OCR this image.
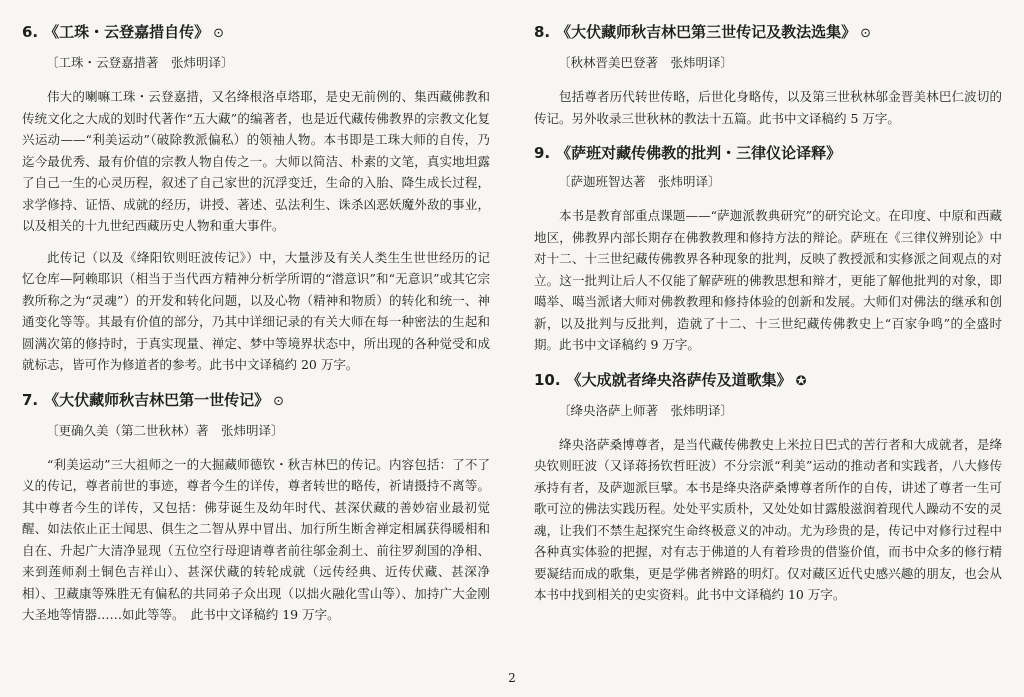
6. 《工珠・云登嘉措自传》 ⊙
〔工珠・云登嘉措著　张炜明译〕

伟大的喇嘛工珠・云登嘉措，又名绛根洛卓塔耶，是史无前例的、集西藏佛教和传统文化之大成的划时代著作“五大藏”的编著者，也是近代藏传佛教界的宗教文化复兴运动——“利美运动”（破除教派偏私）的领袖人物。本书即是工珠大师的自传，乃迄今最优秀、最有价值的宗教人物自传之一。大师以简洁、朴素的文笔，真实地坦露了自己一生的心灵历程，叙述了自己家世的沉浮变迁，生命的入胎、降生成长过程，求学修持、证悟、成就的经历，讲授、著述、弘法利生、诛杀凶恶妖魔外敌的事业，以及相关的十九世纪西藏历史人物和重大事件。

此传记（以及《绛阳钦则旺波传记》）中，大量涉及有关人类生生世世经历的记忆仓库—阿赖耶识（相当于当代西方精神分析学所谓的“潜意识”和“无意识”或其它宗教所称之为“灵魂”）的开发和转化问题，以及心物（精神和物质）的转化和统一、神通变化等等。其最有价值的部分，乃其中详细记录的有关大师在每一种密法的生起和圆满次第的修持时，于真实现量、禅定、梦中等境界状态中，所出现的各种觉受和成就标志，皆可作为修道者的参考。此书中文译稿约 20 万字。

7. 《大伏藏师秋吉林巴第一世传记》 ⊙
〔更确久美（第二世秋林）著　张炜明译〕

“利美运动”三大祖师之一的大掘藏师德钦・秋吉林巴的传记。内容包括：了不了义的传记，尊者前世的事迹，尊者今生的详传，尊者转世的略传，祈请摄持不离等。其中尊者今生的详传，又包括：佛芽诞生及幼年时代、甚深伏藏的善妙宿业最初觉醒、如法依止正士闻思、俱生之二智从界中冒出、加行所生断舍禅定相属获得暖相和自在、升起广大清净显现（五位空行母迎请尊者前往邬金刹土、前往罗刹国的净相、来到莲师刹土铜色吉祥山）、甚深伏藏的转轮成就（远传经典、近传伏藏、甚深净相）、卫藏康等殊胜无有偏私的共同弟子众出现（以拙火融化雪山等）、加持广大金刚大圣地等情器……如此等等。　此书中文译稿约 19 万字。

8. 《大伏藏师秋吉林巴第三世传记及教法选集》 ⊙
〔秋林晋美巴登著　张炜明译〕

包括尊者历代转世传略，后世化身略传，以及第三世秋林邬金晋美林巴仁波切的传记。另外收录三世秋林的教法十五篇。此书中文译稿约 5 万字。

9. 《萨班对藏传佛教的批判・三律仪论译释》
〔萨迦班智达著　张炜明译〕

本书是教育部重点课题——“萨迦派教典研究”的研究论文。在印度、中原和西藏地区，佛教界内部长期存在佛教教理和修持方法的辩论。萨班在《三律仪辨别论》中对十二、十三世纪藏传佛教界各种现象的批判，反映了教授派和实修派之间观点的对立。这一批判让后人不仅能了解萨班的佛教思想和辩才，更能了解他批判的对象，即噶举、噶当派诸大师对佛教教理和修持体验的创新和发展。大师们对佛法的继承和创新，以及批判与反批判，造就了十二、十三世纪藏传佛教史上“百家争鸣”的全盛时期。此书中文译稿约 9 万字。

10. 《大成就者绛央洛萨传及道歌集》 ✪
〔绛央洛萨上师著　张炜明译〕

绛央洛萨桑博尊者，是当代藏传佛教史上米拉日巴式的苦行者和大成就者，是绛央钦则旺波（又译蒋扬钦哲旺波）不分宗派“利美”运动的推动者和实践者，八大修传承持有者，及萨迦派巨擘。本书是绛央洛萨桑博尊者所作的自传，讲述了尊者一生可歌可泣的佛法实践历程。处处平实质朴，又处处如甘露般滋润着现代人躁动不安的灵魂，让我们不禁生起探究生命终极意义的冲动。尤为珍贵的是，传记中对修行过程中各种真实体验的把握，对有志于佛道的人有着珍贵的借鉴价值，而书中众多的修行精要凝结而成的歌集，更是学佛者辨路的明灯。仅对藏区近代史感兴趣的朋友，也会从本书中找到相关的史实资料。此书中文译稿约 10 万字。

2
